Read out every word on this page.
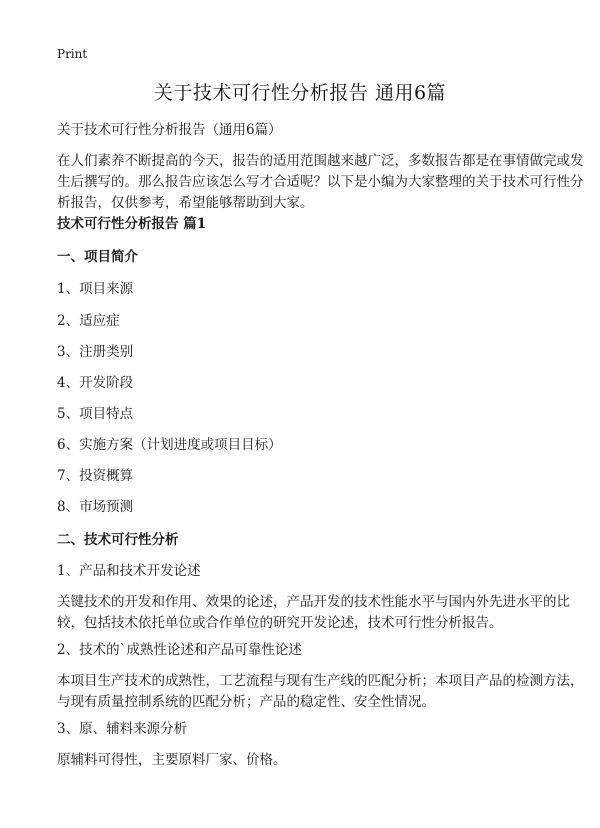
Print
关于技术可行性分析报告 通用6篇
关于技术可行性分析报告（通用6篇）
在人们素养不断提高的今天，报告的适用范围越来越广泛，多数报告都是在事情做完或发生后撰写的。那么报告应该怎么写才合适呢？以下是小编为大家整理的关于技术可行性分析报告，仅供参考，希望能够帮助到大家。
技术可行性分析报告 篇1
一、项目简介
1、项目来源
2、适应症
3、注册类别
4、开发阶段
5、项目特点
6、实施方案（计划进度或项目目标）
7、投资概算
8、市场预测
二、技术可行性分析
1、产品和技术开发论述
关键技术的开发和作用、效果的论述，产品开发的技术性能水平与国内外先进水平的比较，包括技术依托单位或合作单位的研究开发论述，技术可行性分析报告。
2、技术的`成熟性论述和产品可靠性论述
本项目生产技术的成熟性，工艺流程与现有生产线的匹配分析；本项目产品的检测方法，与现有质量控制系统的匹配分析；产品的稳定性、安全性情况。
3、原、辅料来源分析
原辅料可得性，主要原料厂家、价格。
